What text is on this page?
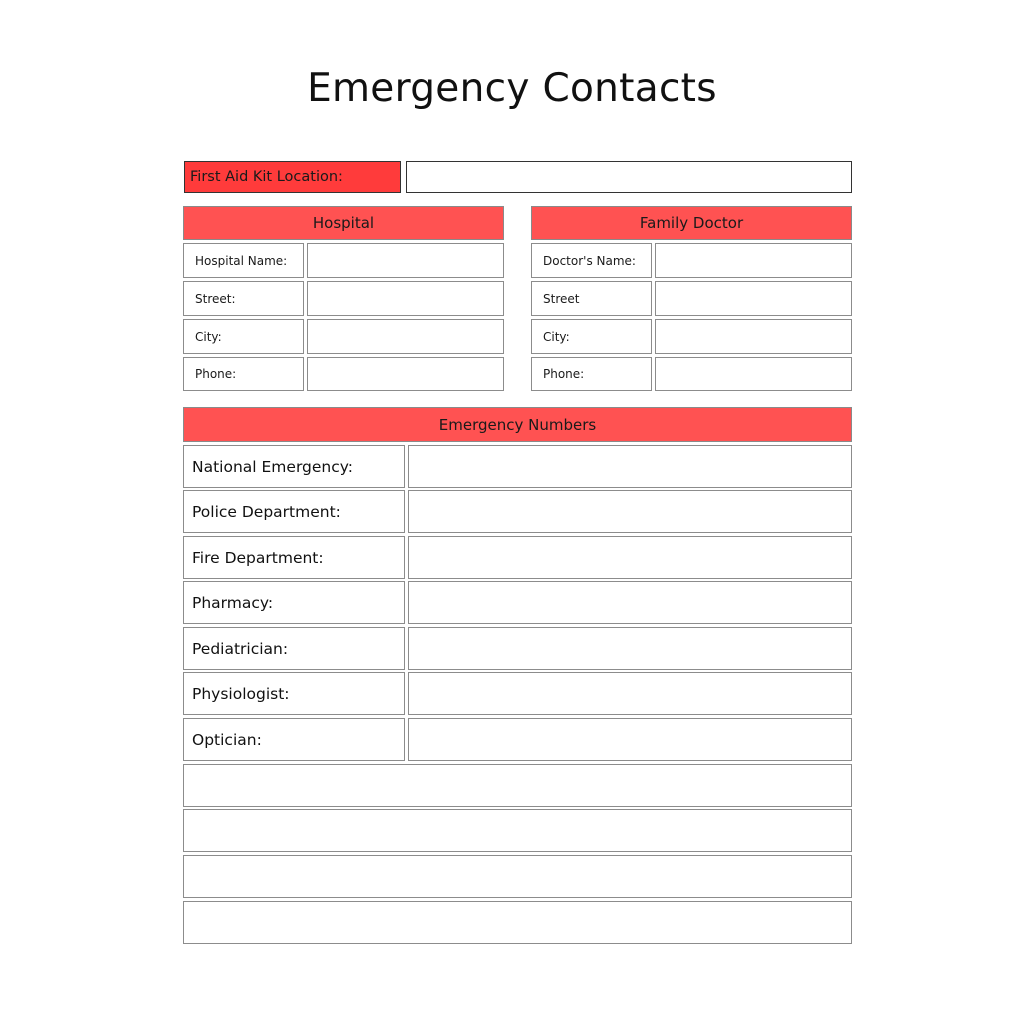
Emergency Contacts
First Aid Kit Location:
Hospital
Hospital Name:
Street:
City:
Phone:
Family Doctor
Doctor's Name:
Street
City:
Phone:
Emergency Numbers
National Emergency:
Police Department:
Fire Department:
Pharmacy:
Pediatrician:
Physiologist:
Optician:
